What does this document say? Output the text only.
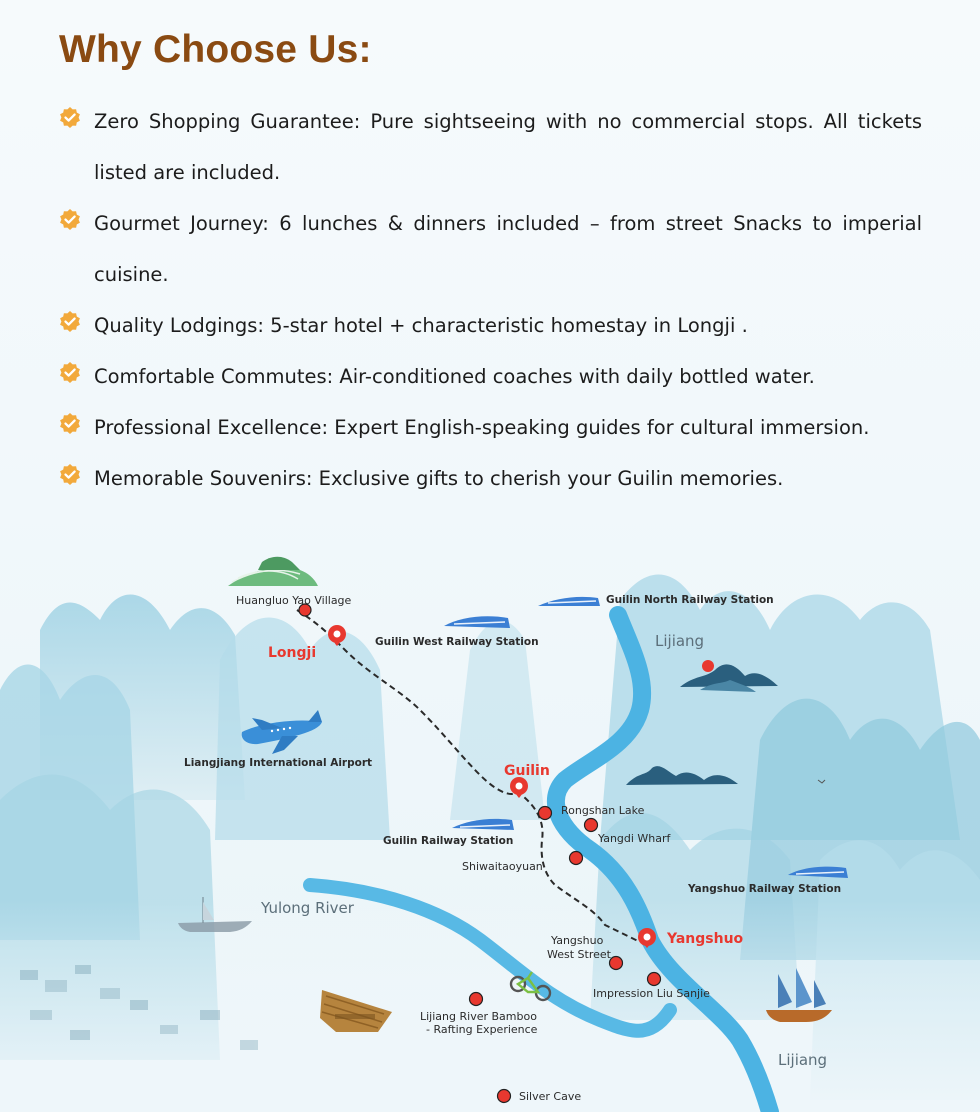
Why Choose Us:
Zero Shopping Guarantee: Pure sightseeing with no commercial stops. All tickets listed are included.
Gourmet Journey: 6 lunches & dinners included – from street Snacks to imperial cuisine.
Quality Lodgings: 5-star hotel + characteristic homestay in Longji .
Comfortable Commutes: Air-conditioned coaches with daily bottled water.
Professional Excellence: Expert English-speaking guides for cultural immersion.
Memorable Souvenirs: Exclusive gifts to cherish your Guilin memories.
Huangluo Yao Village
Longji
Guilin
Yangshuo
Guilin North Railway Station
Guilin West Railway Station
Liangjiang International Airport
Guilin Railway Station
Yangshuo Railway Station
Rongshan Lake
Yangdi Wharf
Shiwaitaoyuan
Yangshuo
West Street
Impression Liu Sanjie
Lijiang River Bamboo
- Rafting Experience
Silver Cave
Lijiang
Yulong River
Lijiang
